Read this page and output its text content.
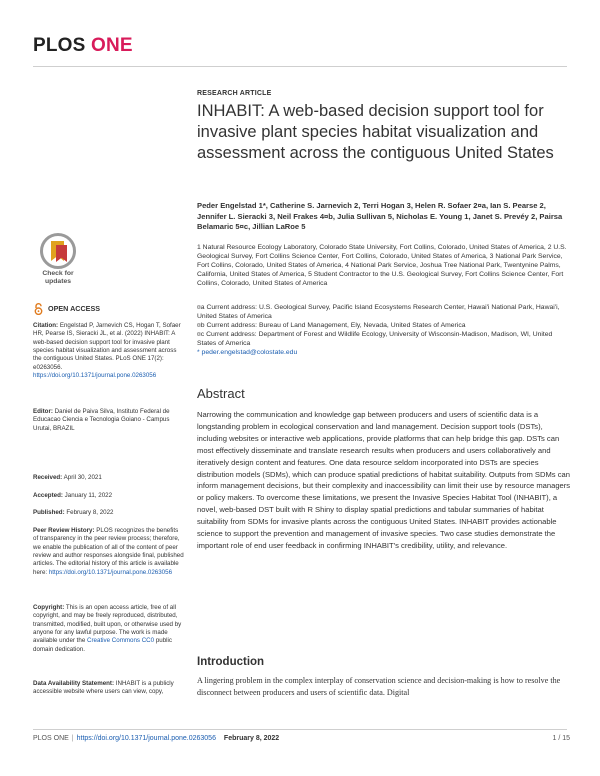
PLOS ONE
RESEARCH ARTICLE
INHABIT: A web-based decision support tool for invasive plant species habitat visualization and assessment across the contiguous United States
Peder Engelstad 1*, Catherine S. Jarnevich 2, Terri Hogan 3, Helen R. Sofaer 2¤a, Ian S. Pearse 2, Jennifer L. Sieracki 3, Neil Frakes 4¤b, Julia Sullivan 5, Nicholas E. Young 1, Janet S. Prevéy 2, Pairsa Belamaric 5¤c, Jillian LaRoe 5
1 Natural Resource Ecology Laboratory, Colorado State University, Fort Collins, Colorado, United States of America, 2 U.S. Geological Survey, Fort Collins Science Center, Fort Collins, Colorado, United States of America, 3 National Park Service, Fort Collins, Colorado, United States of America, 4 National Park Service, Joshua Tree National Park, Twentynine Palms, California, United States of America, 5 Student Contractor to the U.S. Geological Survey, Fort Collins Science Center, Fort Collins, Colorado, United States of America
¤a Current address: U.S. Geological Survey, Pacific Island Ecosystems Research Center, Hawai'i National Park, Hawai'i, United States of America
¤b Current address: Bureau of Land Management, Ely, Nevada, United States of America
¤c Current address: Department of Forest and Wildlife Ecology, University of Wisconsin-Madison, Madison, WI, United States of America
* peder.engelstad@colostate.edu
Abstract

Narrowing the communication and knowledge gap between producers and users of scientific data is a longstanding problem in ecological conservation and land management. Decision support tools (DSTs), including websites or interactive web applications, provide platforms that can help bridge this gap. DSTs can most effectively disseminate and translate research results when producers and users collaboratively and iteratively design content and features. One data resource seldom incorporated into DSTs are species distribution models (SDMs), which can produce spatial predictions of habitat suitability. Outputs from SDMs can inform management decisions, but their complexity and inaccessibility can limit their use by resource managers or policy makers. To overcome these limitations, we present the Invasive Species Habitat Tool (INHABIT), a novel, web-based DST built with R Shiny to display spatial predictions and tabular summaries of habitat suitability from SDMs for invasive plants across the contiguous United States. INHABIT provides actionable science to support the prevention and management of invasive species. Two case studies demonstrate the important role of end user feedback in confirming INHABIT's credibility, utility, and relevance.

Introduction

A lingering problem in the complex interplay of conservation science and decision-making is how to resolve the disconnect between producers and users of scientific data. Digital

Check for updates
OPEN ACCESS
Citation: Engelstad P, Jarnevich CS, Hogan T, Sofaer HR, Pearse IS, Sieracki JL, et al. (2022) INHABIT: A web-based decision support tool for invasive plant species habitat visualization and assessment across the contiguous United States. PLoS ONE 17(2): e0263056. https://doi.org/10.1371/journal.pone.0263056
Editor: Daniel de Paiva Silva, Instituto Federal de Educacao Ciencia e Tecnologia Goiano - Campus Urutai, BRAZIL
Received: April 30, 2021
Accepted: January 11, 2022
Published: February 8, 2022
Peer Review History: PLOS recognizes the benefits of transparency in the peer review process; therefore, we enable the publication of all of the content of peer review and author responses alongside final, published articles. The editorial history of this article is available here: https://doi.org/10.1371/journal.pone.0263056
Copyright: This is an open access article, free of all copyright, and may be freely reproduced, distributed, transmitted, modified, built upon, or otherwise used by anyone for any lawful purpose. The work is made available under the Creative Commons CC0 public domain dedication.
Data Availability Statement: INHABIT is a publicly accessible website where users can view, copy,
PLOS ONE | https://doi.org/10.1371/journal.pone.0263056 February 8, 2022	1 / 15
